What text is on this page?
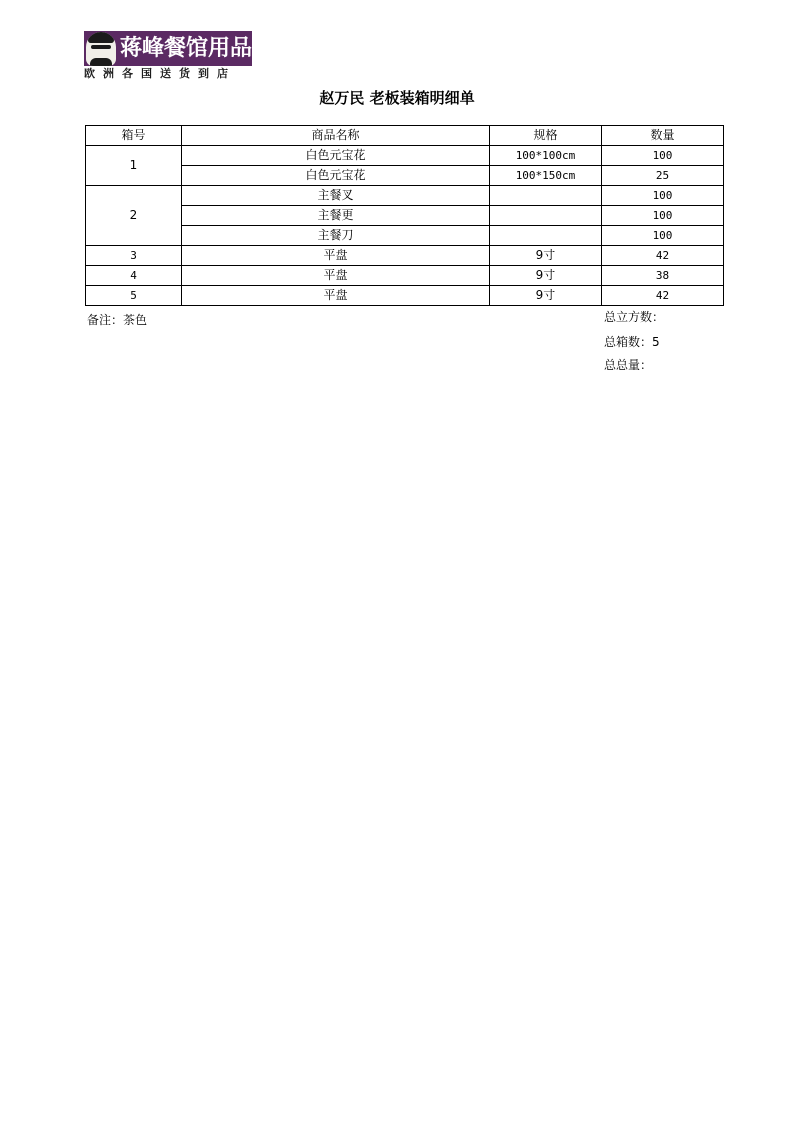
蒋峰餐馆用品
欧洲各国送货到店
赵万民 老板装箱明细单
箱号	商品名称	规格	数量
1	白色元宝花	100*100cm	100
	白色元宝花	100*150cm	25
2	主餐叉		100
	主餐更		100
	主餐刀		100
3	平盘	9寸	42
4	平盘	9寸	38
5	平盘	9寸	42
备注：茶色	总立方数：
总箱数：5
总总量：
